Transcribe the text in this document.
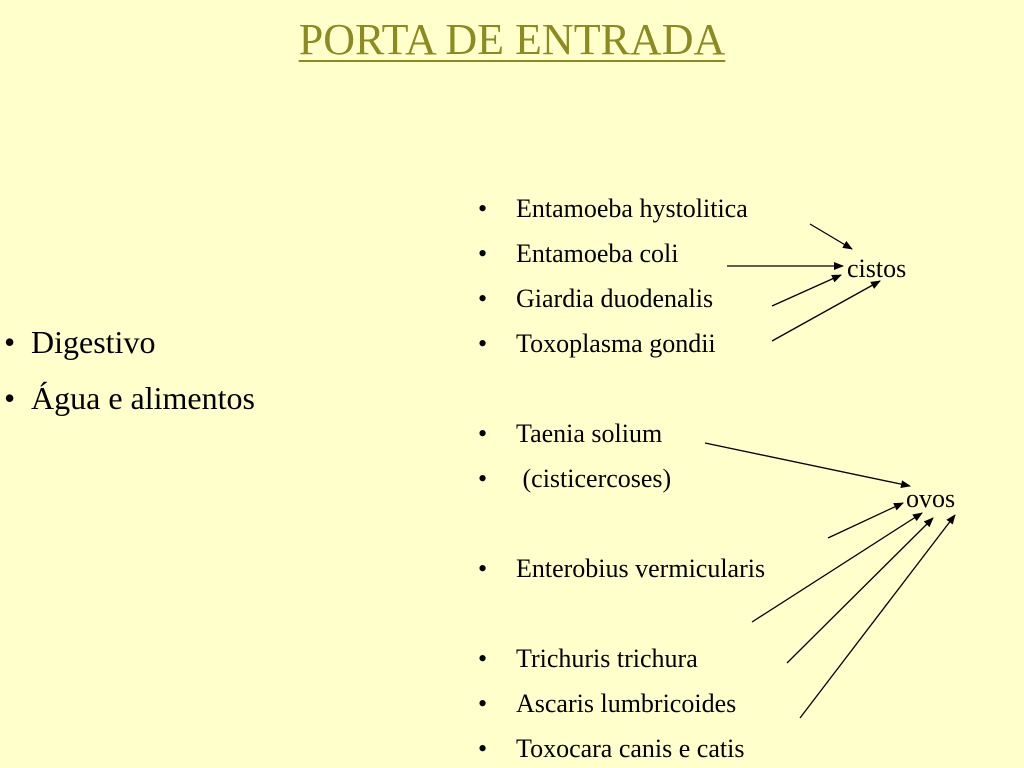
PORTA DE ENTRADA
• Digestivo
• Água e alimentos
• Entamoeba hystolitica
• Entamoeba coli
• Giardia duodenalis
• Toxoplasma gondii
• Taenia solium
• (cisticercoses)
• Enterobius vermicularis
• Trichuris trichura
• Ascaris lumbricoides
• Toxocara canis e catis
cistos
ovos
